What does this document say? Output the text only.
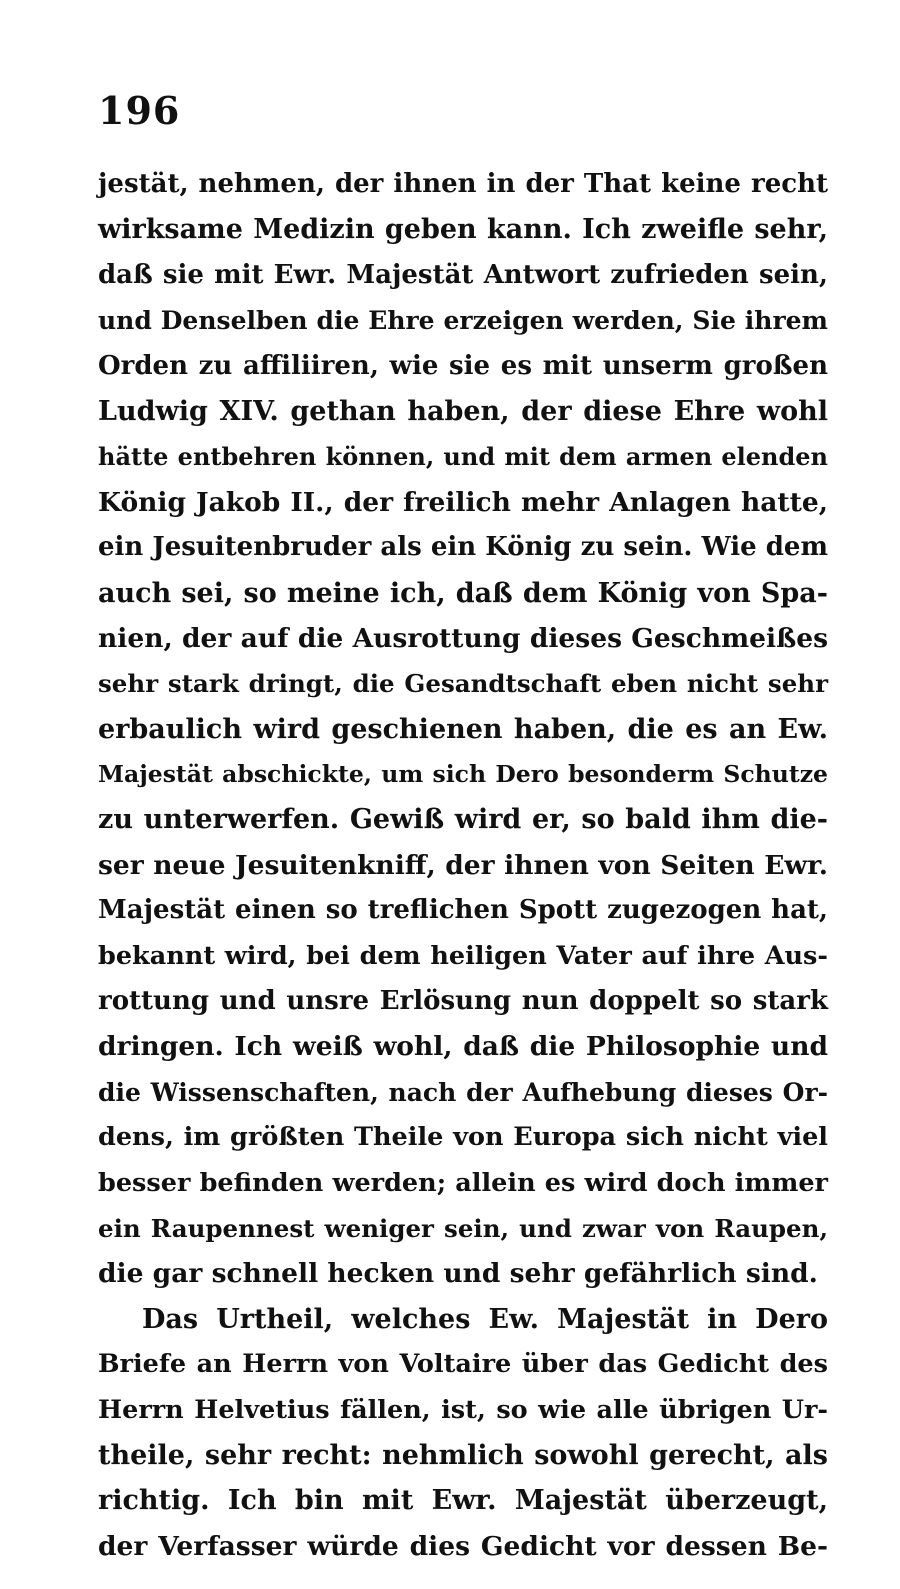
196
jestät, nehmen, der ihnen in der That keine recht
wirksame Medizin geben kann. Ich zweifle sehr,
daß sie mit Ewr. Majestät Antwort zufrieden sein,
und Denselben die Ehre erzeigen werden, Sie ihrem
Orden zu affiliiren, wie sie es mit unserm großen
Ludwig XIV. gethan haben, der diese Ehre wohl
hätte entbehren können, und mit dem armen elenden
König Jakob II., der freilich mehr Anlagen hatte,
ein Jesuitenbruder als ein König zu sein. Wie dem
auch sei, so meine ich, daß dem König von Spa-
nien, der auf die Ausrottung dieses Geschmeißes
sehr stark dringt, die Gesandtschaft eben nicht sehr
erbaulich wird geschienen haben, die es an Ew.
Majestät abschickte, um sich Dero besonderm Schutze
zu unterwerfen. Gewiß wird er, so bald ihm die-
ser neue Jesuitenkniff, der ihnen von Seiten Ewr.
Majestät einen so treflichen Spott zugezogen hat,
bekannt wird, bei dem heiligen Vater auf ihre Aus-
rottung und unsre Erlösung nun doppelt so stark
dringen. Ich weiß wohl, daß die Philosophie und
die Wissenschaften, nach der Aufhebung dieses Or-
dens, im größten Theile von Europa sich nicht viel
besser befinden werden; allein es wird doch immer
ein Raupennest weniger sein, und zwar von Raupen,
die gar schnell hecken und sehr gefährlich sind.
Das Urtheil, welches Ew. Majestät in Dero
Briefe an Herrn von Voltaire über das Gedicht des
Herrn Helvetius fällen, ist, so wie alle übrigen Ur-
theile, sehr recht: nehmlich sowohl gerecht, als
richtig. Ich bin mit Ewr. Majestät überzeugt,
der Verfasser würde dies Gedicht vor dessen Be-
